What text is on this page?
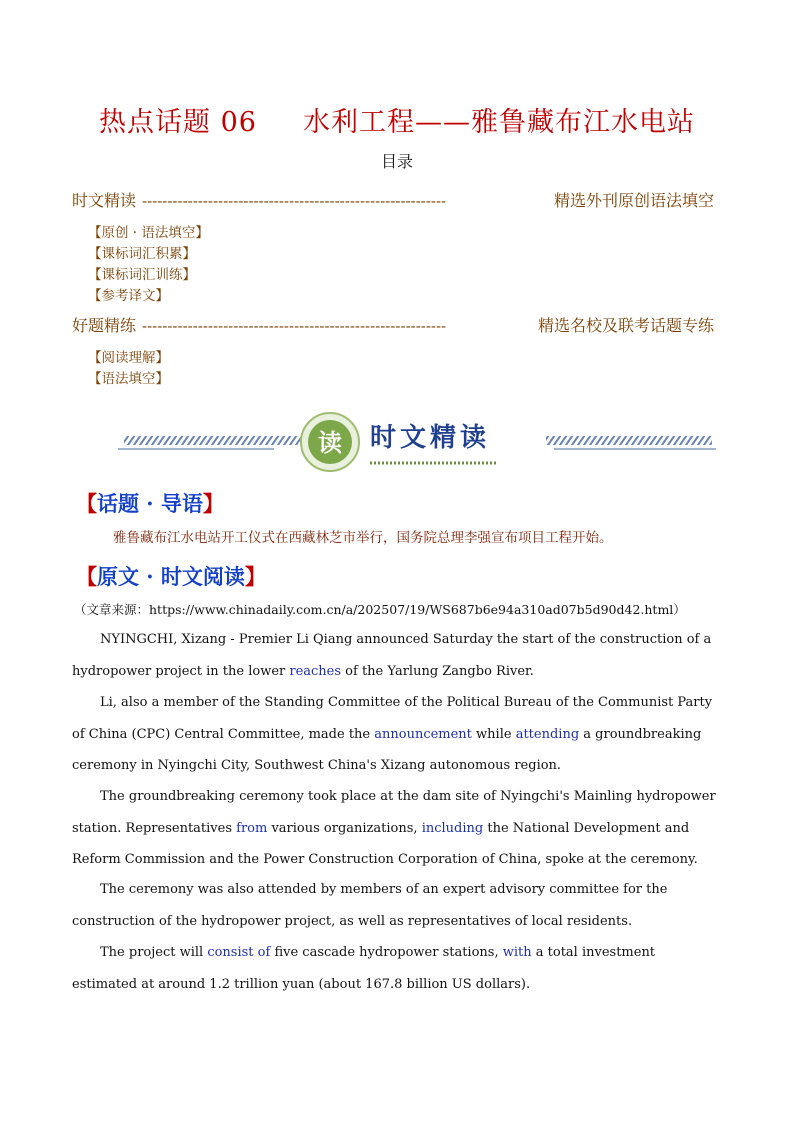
热点话题 06 水利工程——雅鲁藏布江水电站
目录
时文精读 ------------------------------------------------------------	精选外刊原创语法填空
【原创 · 语法填空】
【课标词汇积累】
【课标词汇训练】
【参考译文】
好题精练 ------------------------------------------------------------	精选名校及联考话题专练
【阅读理解】
【语法填空】
读 时文精读
【话题 · 导语】
雅鲁藏布江水电站开工仪式在西藏林芝市举行，国务院总理李强宣布项目工程开始。
【原文 · 时文阅读】
（文章来源：https://www.chinadaily.com.cn/a/202507/19/WS687b6e94a310ad07b5d90d42.html）
NYINGCHI, Xizang - Premier Li Qiang announced Saturday the start of the construction of a hydropower project in the lower reaches of the Yarlung Zangbo River.
Li, also a member of the Standing Committee of the Political Bureau of the Communist Party of China (CPC) Central Committee, made the announcement while attending a groundbreaking ceremony in Nyingchi City, Southwest China's Xizang autonomous region.
The groundbreaking ceremony took place at the dam site of Nyingchi's Mainling hydropower station. Representatives from various organizations, including the National Development and Reform Commission and the Power Construction Corporation of China, spoke at the ceremony.
The ceremony was also attended by members of an expert advisory committee for the construction of the hydropower project, as well as representatives of local residents.
The project will consist of five cascade hydropower stations, with a total investment estimated at around 1.2 trillion yuan (about 167.8 billion US dollars).
